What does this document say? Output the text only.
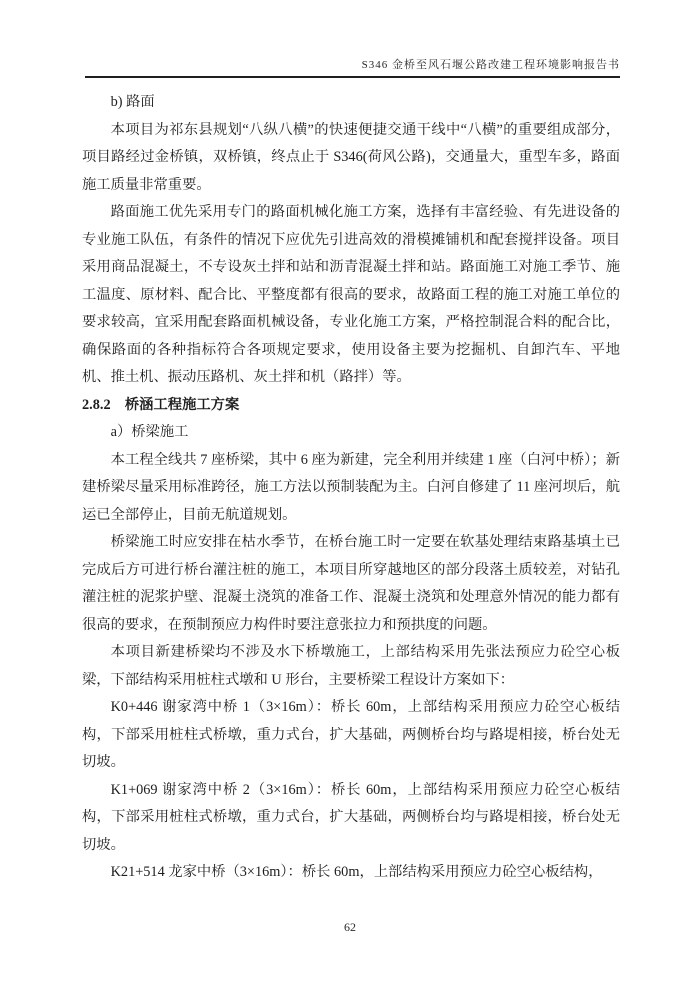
S346 金桥至风石堰公路改建工程环境影响报告书

b) 路面

本项目为祁东县规划“八纵八横”的快速便捷交通干线中“八横”的重要组成部分，项目路经过金桥镇，双桥镇，终点止于 S346(荷风公路)，交通量大，重型车多，路面施工质量非常重要。

路面施工优先采用专门的路面机械化施工方案，选择有丰富经验、有先进设备的专业施工队伍，有条件的情况下应优先引进高效的滑模摊铺机和配套搅拌设备。项目采用商品混凝土，不专设灰土拌和站和沥青混凝土拌和站。路面施工对施工季节、施工温度、原材料、配合比、平整度都有很高的要求，故路面工程的施工对施工单位的要求较高，宜采用配套路面机械设备，专业化施工方案，严格控制混合料的配合比，确保路面的各种指标符合各项规定要求，使用设备主要为挖掘机、自卸汽车、平地机、推土机、振动压路机、灰土拌和机（路拌）等。

2.8.2　桥涵工程施工方案

a）桥梁施工

本工程全线共 7 座桥梁，其中 6 座为新建，完全利用并续建 1 座（白河中桥）；新建桥梁尽量采用标准跨径，施工方法以预制装配为主。白河自修建了 11 座河坝后，航运已全部停止，目前无航道规划。

桥梁施工时应安排在枯水季节，在桥台施工时一定要在软基处理结束路基填土已完成后方可进行桥台灌注桩的施工，本项目所穿越地区的部分段落土质较差，对钻孔灌注桩的泥浆护壁、混凝土浇筑的准备工作、混凝土浇筑和处理意外情况的能力都有很高的要求，在预制预应力构件时要注意张拉力和预拱度的问题。

本项目新建桥梁均不涉及水下桥墩施工，上部结构采用先张法预应力砼空心板梁，下部结构采用桩柱式墩和 U 形台，主要桥梁工程设计方案如下：

K0+446 谢家湾中桥 1（3×16m）：桥长 60m，上部结构采用预应力砼空心板结构，下部采用桩柱式桥墩，重力式台，扩大基础，两侧桥台均与路堤相接，桥台处无切坡。

K1+069 谢家湾中桥 2（3×16m）：桥长 60m，上部结构采用预应力砼空心板结构，下部采用桩柱式桥墩，重力式台，扩大基础，两侧桥台均与路堤相接，桥台处无切坡。

K21+514 龙家中桥（3×16m）：桥长 60m，上部结构采用预应力砼空心板结构，

62
